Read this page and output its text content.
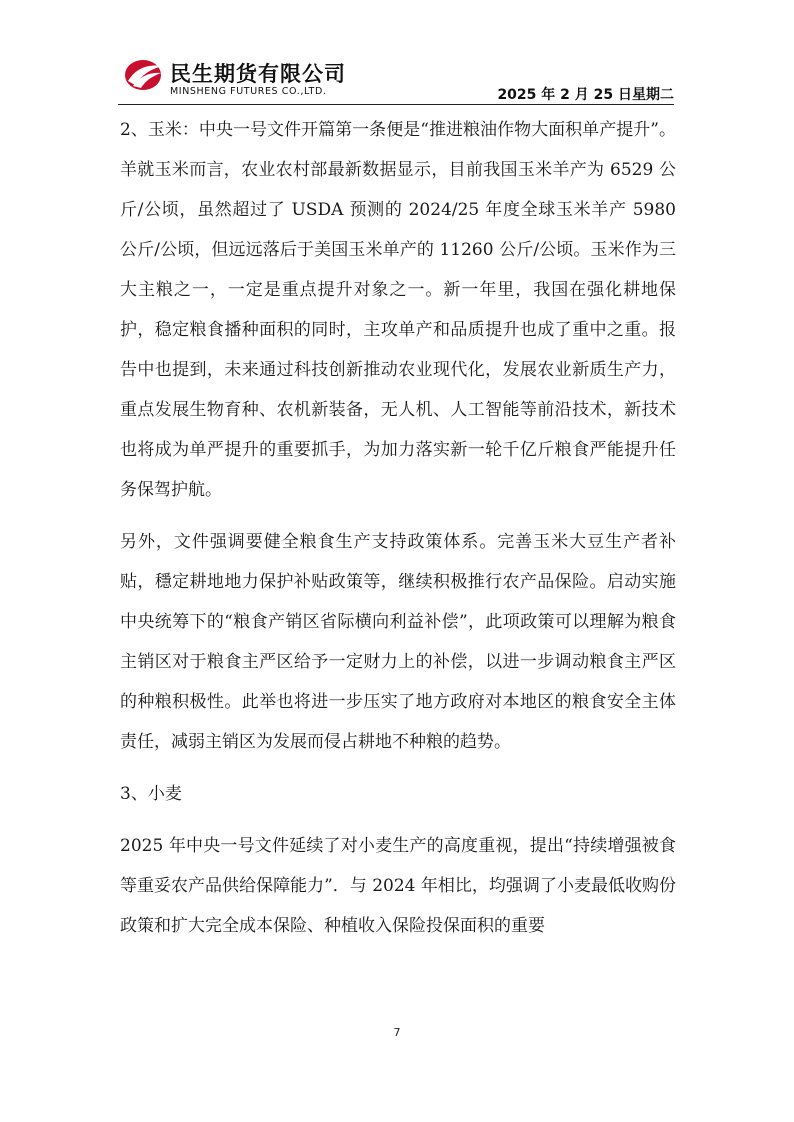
民生期货有限公司
MINSHENG FUTURES CO.,LTD.	2025 年 2 月 25 日星期二

2、玉米：中央一号文件开篇第一条便是“推进粮油作物大面积单产提升”。羊就玉米而言，农业农村部最新数据显示，目前我国玉米羊产为 6529 公斤/公顷，虽然超过了 USDA 预测的 2024/25 年度全球玉米羊产 5980 公斤/公顷，但远远落后于美国玉米单产的 11260 公斤/公顷。玉米作为三大主粮之一，一定是重点提升对象之一。新一年里，我国在强化耕地保护，稳定粮食播种面积的同时，主攻单产和品质提升也成了重中之重。报告中也提到，未来通过科技创新推动农业现代化，发展农业新质生产力，重点发展生物育种、农机新装备，无人机、人工智能等前沿技术，新技术也将成为单严提升的重要抓手，为加力落实新一轮千亿斤粮食严能提升任务保驾护航。

另外，文件强调要健全粮食生产支持政策体系。完善玉米大豆生产者补贴，穩定耕地地力保护补贴政策等，继续积极推行农产品保险。启动实施中央统筹下的“粮食产销区省际横向利益补偿”，此项政策可以理解为粮食主销区对于粮食主严区给予一定财力上的补偿，以进一步调动粮食主严区的种粮积极性。此举也将进一步压实了地方政府对本地区的粮食安全主体责任，减弱主销区为发展而侵占耕地不种粮的趋势。

3、小麦

2025 年中央一号文件延续了对小麦生产的高度重视，提出“持续增强被食等重妥农产品供给保障能力”．与 2024 年相比，均强调了小麦最低收购份政策和扩大完全成本保险、种植收入保险投保面积的重要

7
